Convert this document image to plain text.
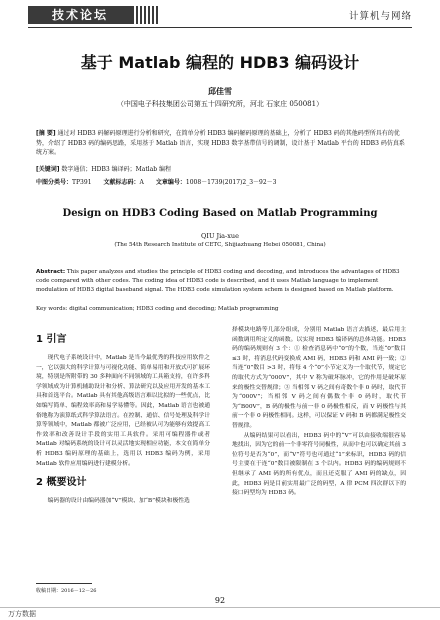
技术论坛	计算机与网络
基于 Matlab 编程的 HDB3 编码设计
邱佳雪
（中国电子科技集团公司第五十四研究所，河北 石家庄 050081）
[摘 要] 通过对 HDB3 码解码原理进行分析和研究，在简单分析 HDB3 编码解码原理的基础上，分析了 HDB3 码的其他码型所具有的优势，介绍了 HDB3 码的编码思路，采用基于 Matlab 语言，实现 HDB3 数字基带信号的调制，设计基于 Matlab 平台的 HDB3 码仿真系统方案。
[关键词] 数字通信；HDB3 编译码；Matlab 编程
中图分类号：TP391 文献标志码：A 文章编号：1008－1739(2017)2_3－92－3
Design on HDB3 Coding Based on Matlab Programming
QIU Jia-xue
(The 54th Research Institute of CETC, Shijiazhuang Hebei 050081, China)
Abstract: This paper analyzes and studies the principle of HDB3 coding and decoding, and introduces the advantages of HDB3 code compared with other codes. The coding idea of HDB3 code is described, and it uses Matlab language to implement modulation of HDB3 digital baseband signal. The HDB3 code simulation system schem is designed based on Matlab platform.
Key words: digital communication; HDB3 coding and decoding; Matlab programming
1 引言

现代电子系统设计中，Matlab 是当今最优秀的科技应用软件之一，它以强大的科学计算与可视化功能、简单易用和开放式可扩展环境，特别是所附带的 30 多种面向不同领域的工具箱支持，在许多科学领域成为计算机辅助设计和分析、算法研究以及应用开发的基本工具和首选平台。Matlab 具有其他高级语言难以比拟的一些优点，比如编写简单、编程效率高和易学易懂等。因此，Matlab 语言也被通俗地称为演算纸式科学算法语言。在控制、通信、信号处理及科学计算等领域中，Matlab 都被广泛应用，已经被认可为能够有效提高工作效率和改善设计手段的实用工具软件。采用可编程器件或者 Matlab 对编码系统的设计可以灵活地实现相应功能，本文在简单分析 HDB3 编码原理的基础上，选用以 HDB3 编码为例，采用 Matlab 软件应用编码进行建模分析。

2 概要设计

编码器的设计由编码器加“V”模块、加“B”模块和极性选

择模块电路等几部分组成，分别用 Matlab 语言去描述，最后用主函数调用所定义的函数。以实现 HDB3 编译码的总体功能。HDB3 码的编码规则有 3 个：① 检查消息码中“0”的个数，当连“0”数目 ≤3 时，将消息代码变换成 AMI 码，HDB3 码和 AMI 码一致；② 当连“0”数目 >3 时，将每 4 个“0”小节定义为一个取代节，规定它的取代方式为“000V”，其中 V 称为破坏脉冲，它的作用是破坏原来的极性交替规律；③ 当相邻 V 码之间有奇数个非 0 码时，取代节为“000V”；当相邻 V 码之间有偶数个非 0 码时，取代节为“B00V”，B 码的极性与前一非 0 码极性相反，而 V 码极性与其前一个非 0 码极性相同。这样，可以保证 V 码和 B 码都满足极性交替规律。

从编码结果可以看出，HDB3 码中的“V”可以由接收端很容易地找出，因为它的前一个非零符号同极性，从而中也可以确定其前 3 位符号是否为“0”，而“V”符号也可通过“1”来标识，HDB3 码的信号主要在于连“0”数目被限制在 3 个以内。HDB3 码的编码规则不但继承了 AMI 码的所有优点，而且还克服了 AMI 码的缺点，因此，HDB3 码是目前实用最广泛的码型，A 律 PCM 四次群以下的接口码型均为 HDB3 码。

收稿日期：2016－12－26
92
万方数据
